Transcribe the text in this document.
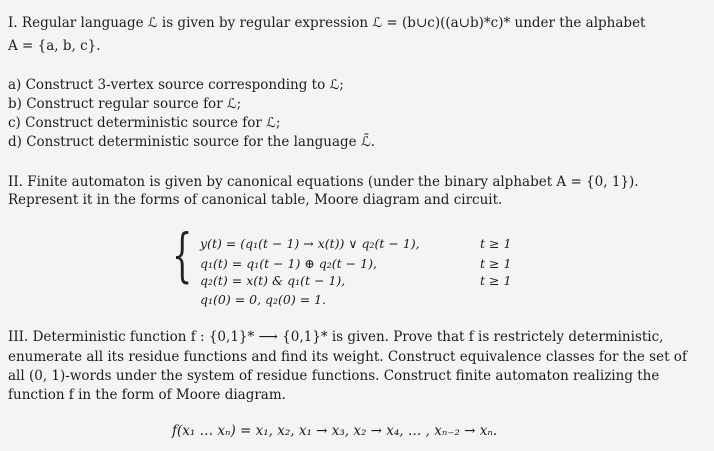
I. Regular language ℒ is given by regular expression ℒ = (b∪c)((a∪b)*c)* under the alphabet
A = {a, b, c}.
a) Construct 3-vertex source corresponding to ℒ;
b) Construct regular source for ℒ;
c) Construct deterministic source for ℒ;
d) Construct deterministic source for the language ℒ̄.
II. Finite automaton is given by canonical equations (under the binary alphabet A = {0, 1}).
Represent it in the forms of canonical table, Moore diagram and circuit.
{ y(t) = (q₁(t − 1) → x(t)) ∨ q₂(t − 1),	t ≥ 1
q₁(t) = q₁(t − 1) ⊕ q₂(t − 1),	t ≥ 1
q₂(t) = x(t) & q₁(t − 1),	t ≥ 1
q₁(0) = 0, q₂(0) = 1.
III. Deterministic function f : {0,1}* ⟶ {0,1}* is given. Prove that f is restrictely deterministic,
enumerate all its residue functions and find its weight. Construct equivalence classes for the set of
all (0, 1)-words under the system of residue functions. Construct finite automaton realizing the
function f in the form of Moore diagram.
f(x₁ … xₙ) = x₁, x₂, x₁ → x₃, x₂ → x₄, … , xₙ₋₂ → xₙ.
